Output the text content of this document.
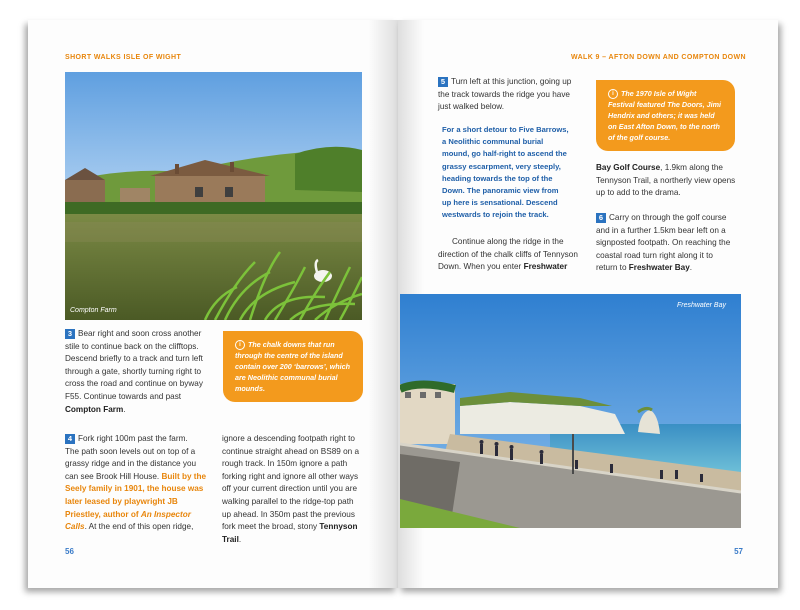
SHORT WALKS ISLE OF WIGHT
Compton Farm

3 Bear right and soon cross another

stile to continue back on the clifftops.

Descend briefly to a track and turn left

through a gate, shortly turning right to

cross the road and continue on byway

F55. Continue towards and past

Compton Farm.

i The chalk downs that run through the centre of the island contain over 200 ‘barrows’, which are Neolithic communal burial mounds.

4 Fork right 100m past the farm.

The path soon levels out on top of a

grassy ridge and in the distance you

can see Brook Hill House. Built by the

Seely family in 1901, the house was

later leased by playwright JB

Priestley, author of An Inspector

Calls. At the end of this open ridge,

ignore a descending footpath right to

continue straight ahead on BS89 on a

rough track. In 150m ignore a path

forking right and ignore all other ways

off your current direction until you are

walking parallel to the ridge-top path

up ahead. In 350m past the previous

fork meet the broad, stony Tennyson

Trail.

56
WALK 9 – AFTON DOWN AND COMPTON DOWN

5 Turn left at this junction, going up

the track towards the ridge you have

just walked below.

For a short detour to Five Barrows,
a Neolithic communal burial
mound, go half-right to ascend the
grassy escarpment, very steeply,
heading towards the top of the
Down. The panoramic view from
up here is sensational. Descend
westwards to rejoin the track.

Continue along the ridge in the

direction of the chalk cliffs of Tennyson

Down. When you enter Freshwater

i The 1970 Isle of Wight Festival featured The Doors, Jimi Hendrix and others; it was held on East Afton Down, to the north of the golf course.

Bay Golf Course, 1.9km along the

Tennyson Trail, a northerly view opens

up to add to the drama.

6 Carry on through the golf course

and in a further 1.5km bear left on a

signposted footpath. On reaching the

coastal road turn right along it to

return to Freshwater Bay.

Freshwater Bay
57
